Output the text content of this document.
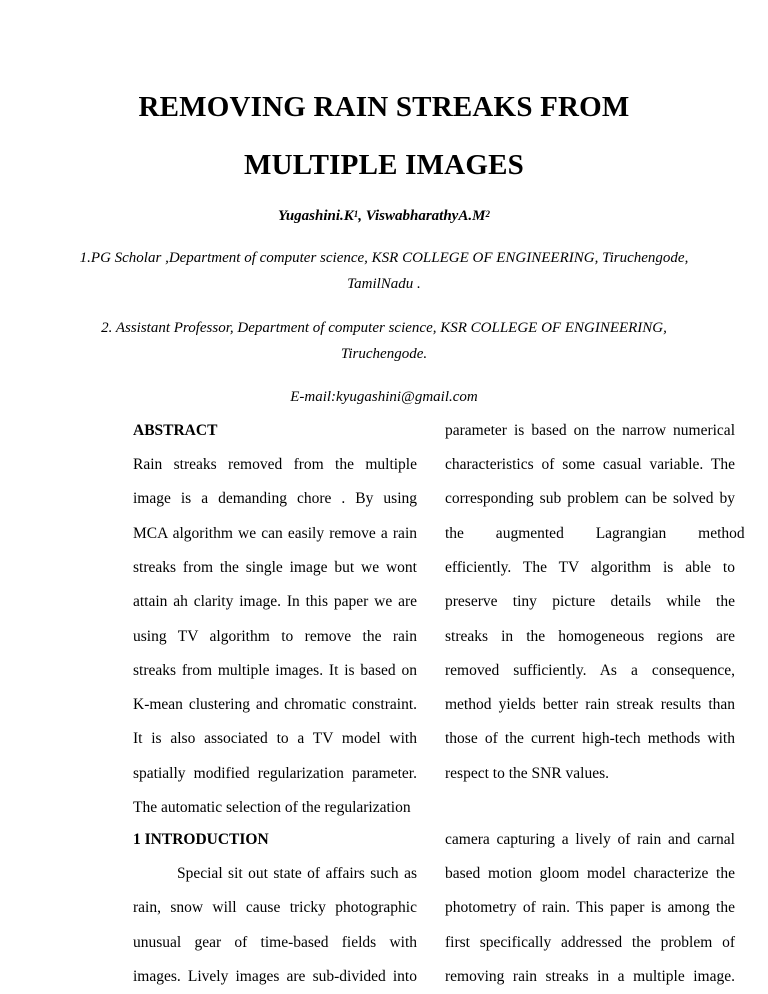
REMOVING RAIN STREAKS FROM
MULTIPLE IMAGES
$Yugashini.K^1$, $ViswabharathyA.M^2$
1.PG Scholar ,Department of computer science, KSR COLLEGE OF ENGINEERING, Tiruchengode,
TamilNadu .
2. Assistant Professor, Department of computer science, KSR COLLEGE OF ENGINEERING,
Tiruchengode.
E-mail:kyugashini@gmail.com
ABSTRACT
Rain streaks removed from the multiple
image is a demanding chore . By using
MCA algorithm we can easily remove a rain
streaks from the single image but we wont
attain ah clarity image. In this paper we are
using TV algorithm to remove the rain
streaks from multiple images. It is based on
K-mean clustering and chromatic constraint.
It is also associated to a TV model with
spatially modified regularization parameter.
The automatic selection of the regularization
1 INTRODUCTION
Special sit out state of affairs such as
rain, snow will cause tricky photographic
unusual gear of time-based fields with
images. Lively images are sub-divided into
parameter is based on the narrow numerical
characteristics of some casual variable. The
corresponding sub problem can be solved by
the augmented Lagrangian method
efficiently. The TV algorithm is able to
preserve tiny picture details while the
streaks in the homogeneous regions are
removed sufficiently. As a consequence,
method yields better rain streak results than
those of the current high-tech methods with
respect to the SNR values.
camera capturing a lively of rain and carnal
based motion gloom model characterize the
photometry of rain. This paper is among the
first specifically addressed the problem of
removing rain streaks in a multiple image.
